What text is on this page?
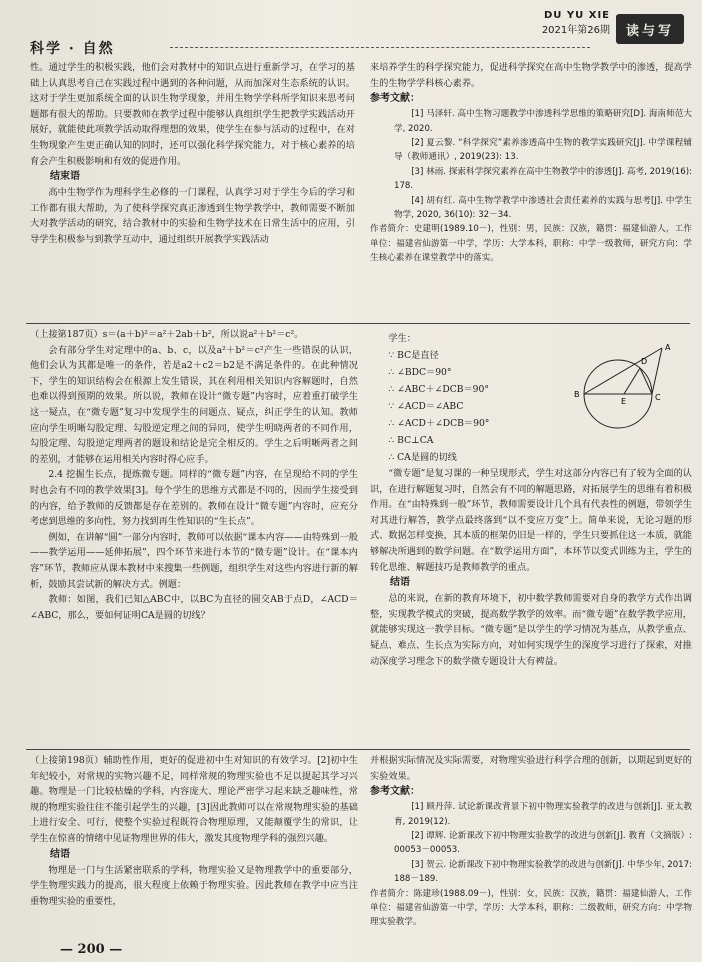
科学 · 自然
DU YU XIE
2021年第26期	读与写

性。通过学生的积极实践，他们会对教材中的知识点进行重新学习，在学习的基础上认真思考自己在实践过程中遇到的各种问题，从而加深对生态系统的认识。这对于学生更加系统全面的认识生物学现象，并用生物学学科所学知识来思考问题都有很大的帮助。只要教师在教学过程中能够认真组织学生把教学实践活动开展好，就能使此项教学活动取得理想的效果，使学生在参与活动的过程中，在对生物现象产生更正确认知的同时，还可以强化科学探究能力，对于核心素养的培育会产生积极影响和有效的促进作用。

结束语

高中生物学作为理科学生必修的一门课程，认真学习对于学生今后的学习和工作都有很大帮助，为了使科学探究真正渗透到生物学教学中，教师需要不断加大对教学活动的研究，结合教材中的实验和生物学技术在日常生活中的应用，引导学生积极参与到教学互动中，通过组织开展教学实践活动

来培养学生的科学探究能力，促进科学探究在高中生物学教学中的渗透，提高学生的生物学学科核心素养。

参考文献：

[1] 马泽轩. 高中生物习题教学中渗透科学思维的策略研究[D]. 海南师范大学, 2020.

[2] 夏云黎. “科学探究”素养渗透高中生物的教学实践研究[J]. 中学课程辅导（教师通讯）, 2019(23): 13.

[3] 林雨. 探索科学探究素养在高中生物教学中的渗透[J]. 高考, 2019(16): 178.

[4] 胡有红. 高中生物学教学中渗透社会责任素养的实践与思考[J]. 中学生物学, 2020, 36(10): 32－34.

作者简介：史建明(1989.10－)，性别：男，民族：汉族，籍贯：福建仙游人，工作单位：福建省仙游第一中学，学历：大学本科，职称：中学一级教师，研究方向：学生核心素养在课堂教学中的落实。

（上接第187页）s＝(a＋b)²＝a²＋2ab＋b²，所以说a²＋b²＝c²。

会有部分学生对定理中的a、b、c，以及a²＋b²＝c²产生一些错误的认识，他们会认为其都是唯一的条件，若是a2＋c2＝b2是不满足条件的。在此种情况下，学生的知识结构会在根源上发生错误，其在利用相关知识内容解题时，自然也难以得到预期的效果。所以说，教师在设计“微专题”内容时，应着重打破学生这一疑点，在“微专题”复习中发现学生的问题点、疑点，纠正学生的认知。教师应向学生明晰勾股定理、勾股逆定理之间的异同，使学生明晓两者的不同作用，勾股定理、勾股逆定理两者的题设和结论是完全相反的。学生之后明晰两者之间的差别，才能够在运用相关内容时得心应手。

2.4 挖掘生长点，提炼微专题。同样的“微专题”内容，在呈现给不同的学生时也会有不同的教学效果[3]。每个学生的思维方式都是不同的，因而学生接受到的内容，给予教师的反馈都是存在差别的。教师在设计“微专题”内容时，应充分考虑到思维的多向性，努力找到再生性知识的“生长点”。

例如，在讲解“圆”一部分内容时，教师可以依据“课本内容——由特殊到一般——教学运用——延伸拓展”，四个环节来进行本节的“微专题”设计。在“课本内容”环节，教师应从课本教材中来搜集一些例题，组织学生对这些内容进行新的解析，鼓励其尝试新的解决方式。例题：

教师：如图，我们已知△ABC中，以BC为直径的圆交AB于点D，∠ACD＝∠ABC，那么，要如何证明CA是圆的切线？

学生：

∵ BC是直径

∴ ∠BDC＝90°

∴ ∠ABC＋∠DCB＝90°

∵ ∠ACD＝∠ABC

∴ ∠ACD＋∠DCB＝90°

∴ BC⊥CA

∴ CA是圆的切线

A
D
B
E	C

“微专题”是复习课的一种呈现形式，学生对这部分内容已有了较为全面的认识，在进行解题复习时，自然会有不同的解题思路，对拓展学生的思维有着积极作用。在“由特殊到一般”环节，教师需要设计几个具有代表性的例题，带领学生对其进行解答，教学点最终落到“以不变应万变”上。简单来说，无论习题的形式、数据怎样变换，其本质的框架仍旧是一样的，学生只要抓住这一本质，就能够解决所遇到的数学问题。在“数学运用方面”，本环节以变式训练为主，学生的转化思维、解题技巧是教师教学的重点。

结语

总的来说，在新的教育环境下，初中数学教师需要对自身的教学方式作出调整，实现教学模式的突破，提高数学教学的效率。而“微专题”在数学教学应用，就能够实现这一教学目标。“微专题”是以学生的学习情况为基点，从教学重点、疑点、难点、生长点为实际方向，对如何实现学生的深度学习进行了探索，对推动深度学习理念下的数学微专题设计大有裨益。

（上接第198页）辅助性作用，更好的促进初中生对知识的有效学习。[2]初中生年纪较小，对常规的实物兴趣不足，同样常规的物理实验也不足以提起其学习兴趣。物理是一门比较枯燥的学科，内容庞大、理论严密学习起来缺乏趣味性，常规的物理实验往往不能引起学生的兴趣，[3]因此教师可以在常规物理实验的基础上进行安全、可行，使整个实验过程既符合物理原理，又能颠覆学生的常识，让学生在惊喜的情绪中见证物理世界的伟大，激发其度物理学科的强烈兴趣。

结语

物理是一门与生活紧密联系的学科，物理实验又是物理教学中的重要部分，学生物理实践力的提高，很大程度上依赖于物理实验。因此教师在教学中应当注重物理实验的重要性，

并根据实际情况及实际需要，对物理实验进行科学合理的创新，以期起到更好的实验效果。

参考文献：

[1] 顾丹萍. 试论新课改背景下初中物理实验教学的改进与创新[J]. 亚太教育, 2019(12).

[2] 谭辉. 论新课改下初中物理实验教学的改进与创新[J]. 教育（文摘版）: 00053－00053.

[3] 贺云. 论新课改下初中物理实验教学的改进与创新[J]. 中华少年, 2017: 188－189.

作者简介：陈建珍(1988.09－)，性别：女，民族：汉族，籍贯：福建仙游人，工作单位：福建省仙游第一中学，学历：大学本科，职称：二级教师，研究方向：中学物理实验教学。

— 200 —
